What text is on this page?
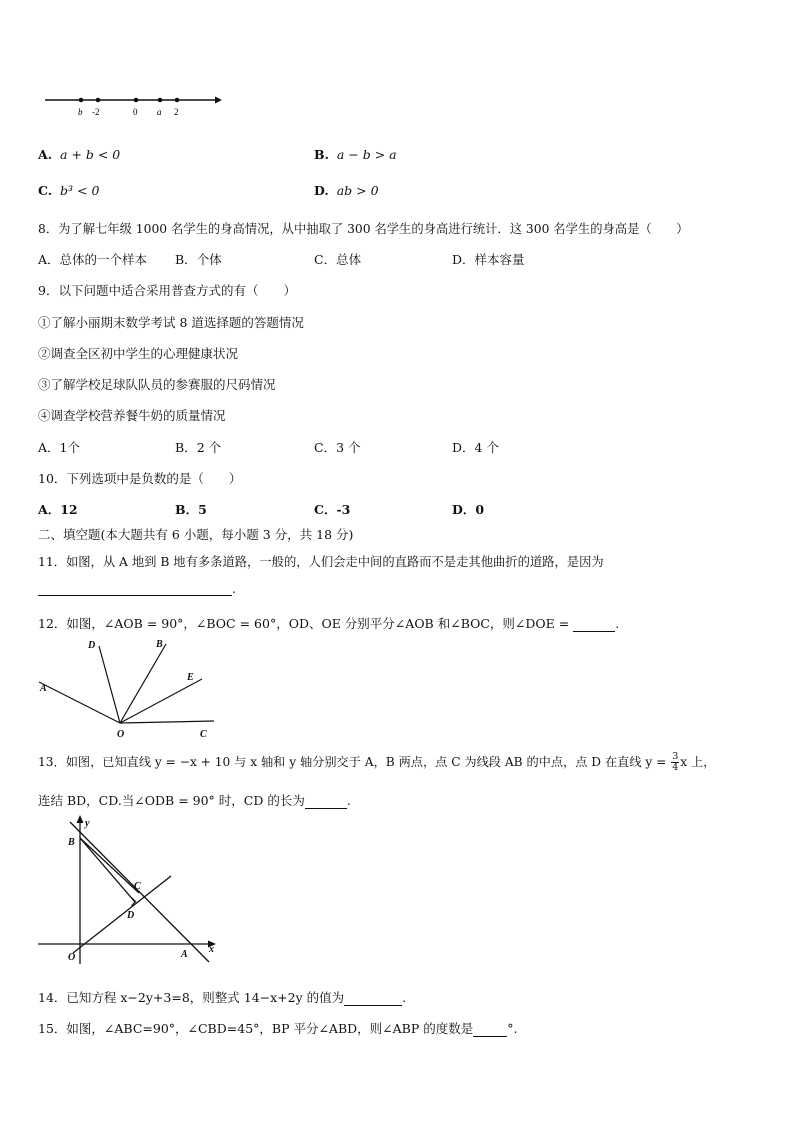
b -2	0 a 2
A. a + b < 0	B. a − b > a
C. b³ < 0	D. ab > 0
8．为了解七年级 1000 名学生的身高情况，从中抽取了 300 名学生的身高进行统计．这 300 名学生的身高是（　　）
A．总体的一个样本 B．个体	C．总体	D．样本容量
9．以下问题中适合采用普查方式的有（　　）
①了解小丽期末数学考试 8 道选择题的答题情况
②调查全区初中学生的心理健康状况
③了解学校足球队队员的参赛服的尺码情况
④调查学校营养餐牛奶的质量情况
A．1个	B．2 个	C．3 个	D．4 个
10．下列选项中是负数的是（　　）
A．12	B．5	C．-3	D．0
二、填空题(本大题共有 6 小题，每小题 3 分，共 18 分)
11．如图，从 A 地到 B 地有多条道路，一般的，人们会走中间的直路而不是走其他曲折的道路，是因为
.
12．如图，∠AOB = 90°，∠BOC = 60°，OD、OE 分别平分∠AOB 和∠BOC，则∠DOE =	.
D	B
E
A
O	C
13．如图，已知直线 y = −x + 10 与 x 轴和 y 轴分别交于 A，B 两点，点 C 为线段 AB 的中点，点 D 在直线 $y = \frac{3}{4}$ x 上，
连结 BD，CD.当∠ODB = 90° 时，CD 的长为	.
y
B
C
D
O	A x
14．已知方程 x−2y+3=8，则整式 14−x+2y 的值为	.
15．如图，∠ABC=90°，∠CBD=45°，BP 平分∠ABD，则∠ABP 的度数是	°.
